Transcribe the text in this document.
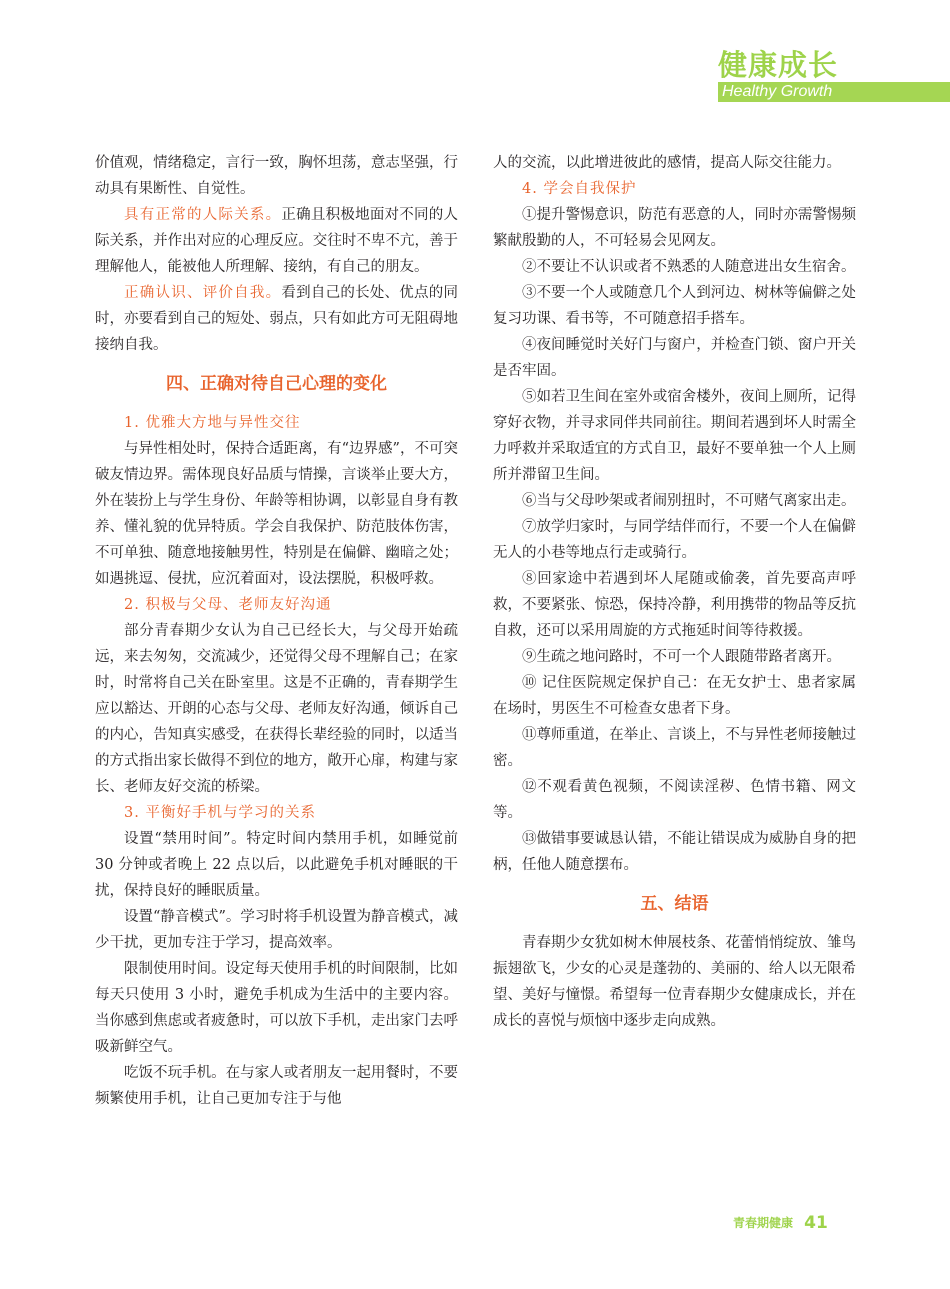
健康成长
Healthy Growth

价值观，情绪稳定，言行一致，胸怀坦荡，意志坚强，行动具有果断性、自觉性。

具有正常的人际关系。正确且积极地面对不同的人际关系，并作出对应的心理反应。交往时不卑不亢，善于理解他人，能被他人所理解、接纳，有自己的朋友。

正确认识、评价自我。看到自己的长处、优点的同时，亦要看到自己的短处、弱点，只有如此方可无阻碍地接纳自我。

四、正确对待自己心理的变化

1. 优雅大方地与异性交往

与异性相处时，保持合适距离，有“边界感”，不可突破友情边界。需体现良好品质与情操，言谈举止要大方，外在装扮上与学生身份、年龄等相协调，以彰显自身有教养、懂礼貌的优异特质。学会自我保护、防范肢体伤害，不可单独、随意地接触男性，特别是在偏僻、幽暗之处；如遇挑逗、侵扰，应沉着面对，设法摆脱，积极呼救。

2. 积极与父母、老师友好沟通

部分青春期少女认为自己已经长大，与父母开始疏远，来去匆匆，交流减少，还觉得父母不理解自己；在家时，时常将自己关在卧室里。这是不正确的，青春期学生应以豁达、开朗的心态与父母、老师友好沟通，倾诉自己的内心，告知真实感受，在获得长辈经验的同时，以适当的方式指出家长做得不到位的地方，敞开心扉，构建与家长、老师友好交流的桥梁。

3. 平衡好手机与学习的关系

设置“禁用时间”。特定时间内禁用手机，如睡觉前 30 分钟或者晚上 22 点以后，以此避免手机对睡眠的干扰，保持良好的睡眠质量。

设置“静音模式”。学习时将手机设置为静音模式，减少干扰，更加专注于学习，提高效率。

限制使用时间。设定每天使用手机的时间限制，比如每天只使用 3 小时，避免手机成为生活中的主要内容。当你感到焦虑或者疲惫时，可以放下手机，走出家门去呼吸新鲜空气。

吃饭不玩手机。在与家人或者朋友一起用餐时，不要频繁使用手机，让自己更加专注于与他

人的交流，以此增进彼此的感情，提高人际交往能力。

4. 学会自我保护

①提升警惕意识，防范有恶意的人，同时亦需警惕频繁献殷勤的人，不可轻易会见网友。

②不要让不认识或者不熟悉的人随意进出女生宿舍。

③不要一个人或随意几个人到河边、树林等偏僻之处复习功课、看书等，不可随意招手搭车。

④夜间睡觉时关好门与窗户，并检查门锁、窗户开关是否牢固。

⑤如若卫生间在室外或宿舍楼外，夜间上厕所，记得穿好衣物，并寻求同伴共同前往。期间若遇到坏人时需全力呼救并采取适宜的方式自卫，最好不要单独一个人上厕所并滞留卫生间。

⑥当与父母吵架或者闹别扭时，不可赌气离家出走。

⑦放学归家时，与同学结伴而行，不要一个人在偏僻无人的小巷等地点行走或骑行。

⑧回家途中若遇到坏人尾随或偷袭，首先要高声呼救，不要紧张、惊恐，保持冷静，利用携带的物品等反抗自救，还可以采用周旋的方式拖延时间等待救援。

⑨生疏之地问路时，不可一个人跟随带路者离开。

⑩ 记住医院规定保护自己：在无女护士、患者家属在场时，男医生不可检查女患者下身。

⑪尊师重道，在举止、言谈上，不与异性老师接触过密。

⑫不观看黄色视频，不阅读淫秽、色情书籍、网文等。

⑬做错事要诚恳认错，不能让错误成为威胁自身的把柄，任他人随意摆布。

五、结语

青春期少女犹如树木伸展枝条、花蕾悄悄绽放、雏鸟振翅欲飞，少女的心灵是蓬勃的、美丽的、给人以无限希望、美好与憧憬。希望每一位青春期少女健康成长，并在成长的喜悦与烦恼中逐步走向成熟。

青春期健康 41
